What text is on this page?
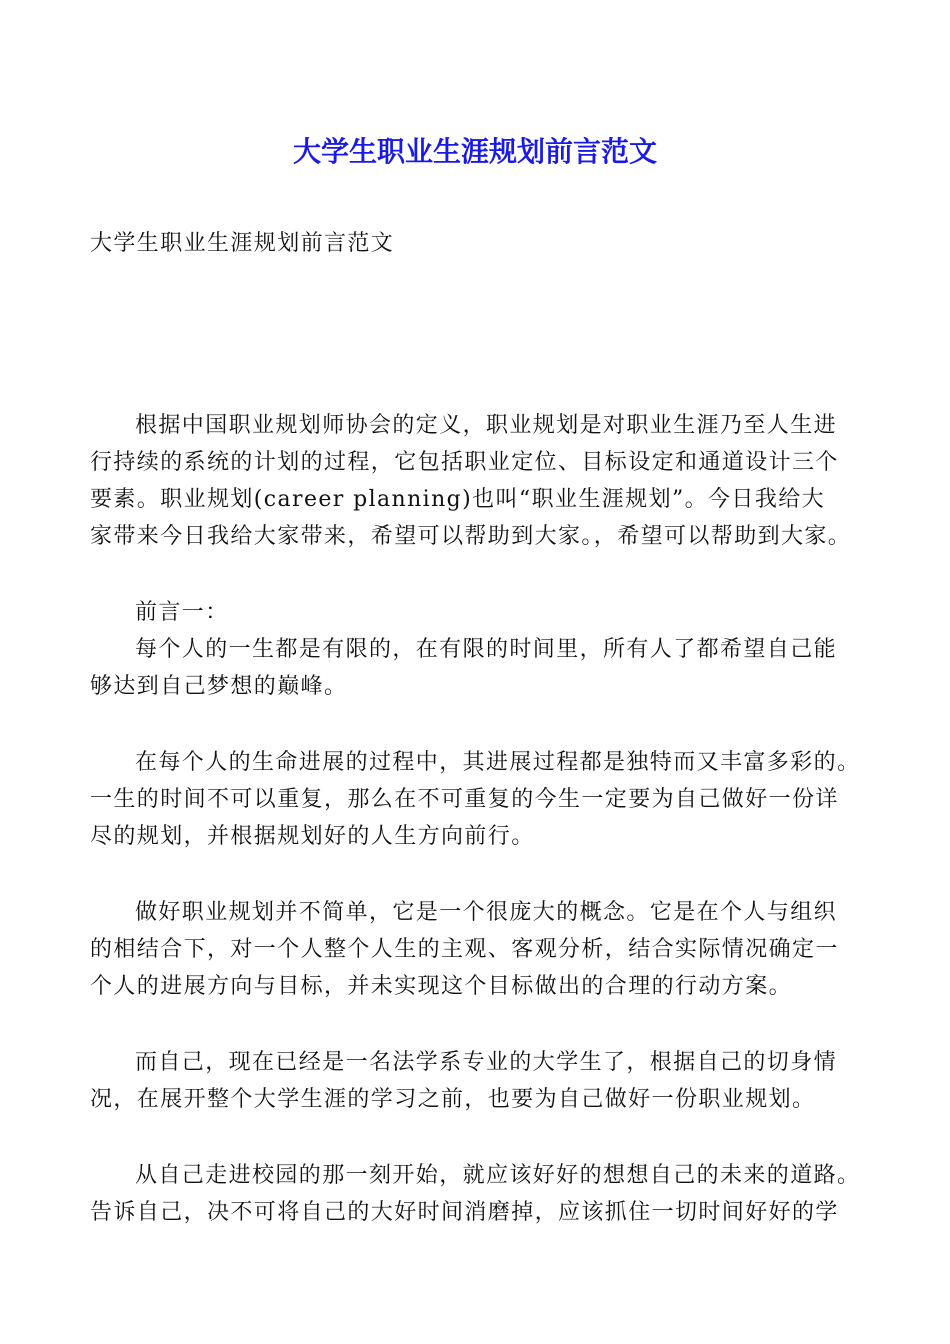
大学生职业生涯规划前言范文
大学生职业生涯规划前言范文
根据中国职业规划师协会的定义，职业规划是对职业生涯乃至人生进
行持续的系统的计划的过程，它包括职业定位、目标设定和通道设计三个
要素。职业规划(career planning)也叫“职业生涯规划”。今日我给大
家带来今日我给大家带来，希望可以帮助到大家。，希望可以帮助到大家。
前言一：
每个人的一生都是有限的，在有限的时间里，所有人了都希望自己能
够达到自己梦想的巅峰。
在每个人的生命进展的过程中，其进展过程都是独特而又丰富多彩的。
一生的时间不可以重复，那么在不可重复的今生一定要为自己做好一份详
尽的规划，并根据规划好的人生方向前行。
做好职业规划并不简单，它是一个很庞大的概念。它是在个人与组织
的相结合下，对一个人整个人生的主观、客观分析，结合实际情况确定一
个人的进展方向与目标，并未实现这个目标做出的合理的行动方案。
而自己，现在已经是一名法学系专业的大学生了，根据自己的切身情
况，在展开整个大学生涯的学习之前，也要为自己做好一份职业规划。
从自己走进校园的那一刻开始，就应该好好的想想自己的未来的道路。
告诉自己，决不可将自己的大好时间消磨掉，应该抓住一切时间好好的学
